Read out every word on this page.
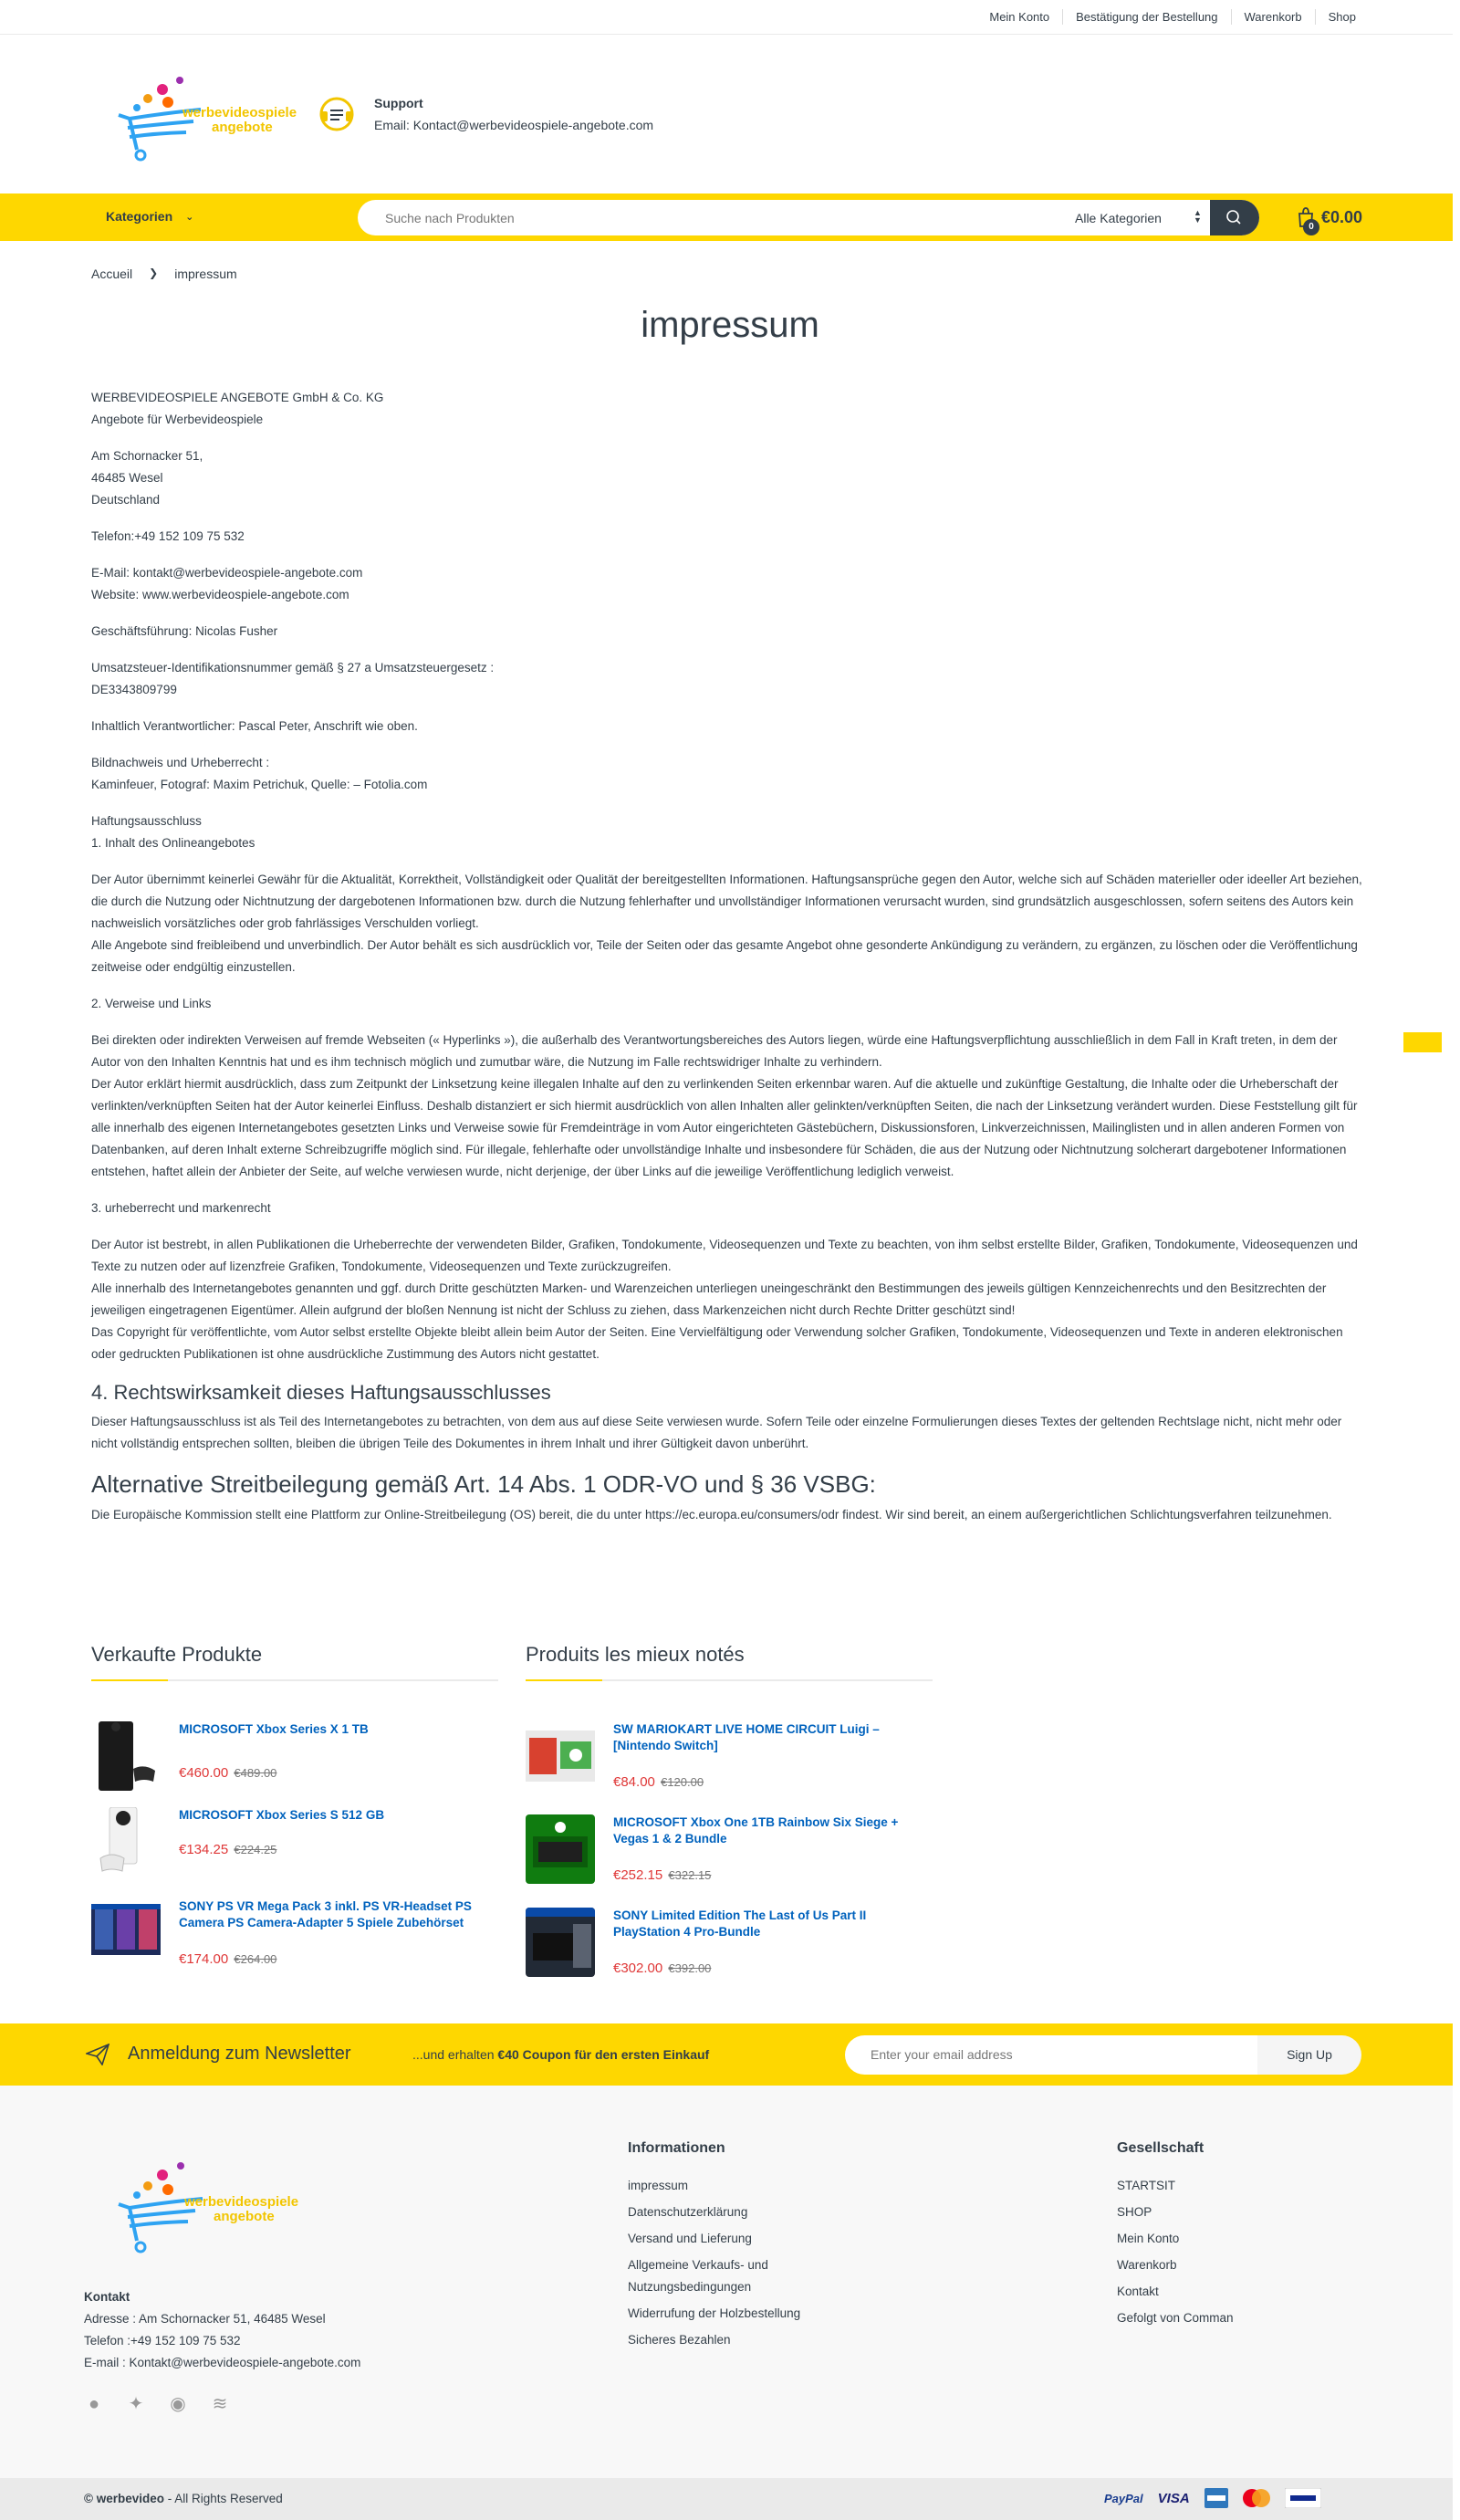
Mein Konto	Bestätigung der Bestellung	Warenkorb	Shop
werbevideospiele
angebote
Support
Email: Kontact@werbevideospiele-angebote.com
Kategorien ⌄	Suche nach Produkten	Alle Kategorien	▲
▼
0
€0.00
Accueil ❯ impressum
impressum

WERBEVIDEOSPIELE ANGEBOTE GmbH & Co. KG
Angebote für Werbevideospiele

Am Schornacker 51,
46485 Wesel
Deutschland

Telefon:+49 152 109 75 532

E-Mail: kontakt@werbevideospiele-angebote.com
Website: www.werbevideospiele-angebote.com

Geschäftsführung: Nicolas Fusher

Umsatzsteuer-Identifikationsnummer gemäß § 27 a Umsatzsteuergesetz :
DE3343809799

Inhaltlich Verantwortlicher: Pascal Peter, Anschrift wie oben.

Bildnachweis und Urheberrecht :
Kaminfeuer, Fotograf: Maxim Petrichuk, Quelle: – Fotolia.com

Haftungsausschluss
1. Inhalt des Onlineangebotes

Der Autor übernimmt keinerlei Gewähr für die Aktualität, Korrektheit, Vollständigkeit oder Qualität der bereitgestellten Informationen. Haftungsansprüche gegen den Autor, welche sich auf Schäden materieller oder ideeller Art beziehen, die durch die Nutzung oder Nichtnutzung der dargebotenen Informationen bzw. durch die Nutzung fehlerhafter und unvollständiger Informationen verursacht wurden, sind grundsätzlich ausgeschlossen, sofern seitens des Autors kein nachweislich vorsätzliches oder grob fahrlässiges Verschulden vorliegt.
Alle Angebote sind freibleibend und unverbindlich. Der Autor behält es sich ausdrücklich vor, Teile der Seiten oder das gesamte Angebot ohne gesonderte Ankündigung zu verändern, zu ergänzen, zu löschen oder die Veröffentlichung zeitweise oder endgültig einzustellen.

2. Verweise und Links

Bei direkten oder indirekten Verweisen auf fremde Webseiten (« Hyperlinks »), die außerhalb des Verantwortungsbereiches des Autors liegen, würde eine Haftungsverpflichtung ausschließlich in dem Fall in Kraft treten, in dem der Autor von den Inhalten Kenntnis hat und es ihm technisch möglich und zumutbar wäre, die Nutzung im Falle rechtswidriger Inhalte zu verhindern.
Der Autor erklärt hiermit ausdrücklich, dass zum Zeitpunkt der Linksetzung keine illegalen Inhalte auf den zu verlinkenden Seiten erkennbar waren. Auf die aktuelle und zukünftige Gestaltung, die Inhalte oder die Urheberschaft der verlinkten/verknüpften Seiten hat der Autor keinerlei Einfluss. Deshalb distanziert er sich hiermit ausdrücklich von allen Inhalten aller gelinkten/verknüpften Seiten, die nach der Linksetzung verändert wurden. Diese Feststellung gilt für alle innerhalb des eigenen Internetangebotes gesetzten Links und Verweise sowie für Fremdeinträge in vom Autor eingerichteten Gästebüchern, Diskussionsforen, Linkverzeichnissen, Mailinglisten und in allen anderen Formen von Datenbanken, auf deren Inhalt externe Schreibzugriffe möglich sind. Für illegale, fehlerhafte oder unvollständige Inhalte und insbesondere für Schäden, die aus der Nutzung oder Nichtnutzung solcherart dargebotener Informationen entstehen, haftet allein der Anbieter der Seite, auf welche verwiesen wurde, nicht derjenige, der über Links auf die jeweilige Veröffentlichung lediglich verweist.

3. urheberrecht und markenrecht

Der Autor ist bestrebt, in allen Publikationen die Urheberrechte der verwendeten Bilder, Grafiken, Tondokumente, Videosequenzen und Texte zu beachten, von ihm selbst erstellte Bilder, Grafiken, Tondokumente, Videosequenzen und Texte zu nutzen oder auf lizenzfreie Grafiken, Tondokumente, Videosequenzen und Texte zurückzugreifen.
Alle innerhalb des Internetangebotes genannten und ggf. durch Dritte geschützten Marken- und Warenzeichen unterliegen uneingeschränkt den Bestimmungen des jeweils gültigen Kennzeichenrechts und den Besitzrechten der jeweiligen eingetragenen Eigentümer. Allein aufgrund der bloßen Nennung ist nicht der Schluss zu ziehen, dass Markenzeichen nicht durch Rechte Dritter geschützt sind!
Das Copyright für veröffentlichte, vom Autor selbst erstellte Objekte bleibt allein beim Autor der Seiten. Eine Vervielfältigung oder Verwendung solcher Grafiken, Tondokumente, Videosequenzen und Texte in anderen elektronischen oder gedruckten Publikationen ist ohne ausdrückliche Zustimmung des Autors nicht gestattet.

4. Rechtswirksamkeit dieses Haftungsausschlusses

Dieser Haftungsausschluss ist als Teil des Internetangebotes zu betrachten, von dem aus auf diese Seite verwiesen wurde. Sofern Teile oder einzelne Formulierungen dieses Textes der geltenden Rechtslage nicht, nicht mehr oder nicht vollständig entsprechen sollten, bleiben die übrigen Teile des Dokumentes in ihrem Inhalt und ihrer Gültigkeit davon unberührt.

Alternative Streitbeilegung gemäß Art. 14 Abs. 1 ODR-VO und § 36 VSBG:

Die Europäische Kommission stellt eine Plattform zur Online-Streitbeilegung (OS) bereit, die du unter https://ec.europa.eu/consumers/odr findest. Wir sind bereit, an einem außergerichtlichen Schlichtungsverfahren teilzunehmen.

Verkaufte Produkte
MICROSOFT Xbox Series X 1 TB
€460.00 €489.00
MICROSOFT Xbox Series S 512 GB
€134.25 €224.25
SONY PS VR Mega Pack 3 inkl. PS VR-Headset PS Camera PS Camera-Adapter 5 Spiele Zubehörset
€174.00 €264.00
Produits les mieux notés
SW MARIOKART LIVE HOME CIRCUIT Luigi – [Nintendo Switch]
€84.00 €120.00
MICROSOFT Xbox One 1TB Rainbow Six Siege + Vegas 1 & 2 Bundle
€252.15 €322.15
SONY Limited Edition The Last of Us Part II PlayStation 4 Pro-Bundle
€302.00 €392.00
Anmeldung zum Newsletter	...und erhalten €40 Coupon für den ersten Einkauf	Enter your email address	Sign Up
werbevideospiele
angebote
Kontakt
Adresse : Am Schornacker 51, 46485 Wesel
Telefon :+49 152 109 75 532
E-mail : Kontakt@werbevideospiele-angebote.com
● ✦ ◉ ≋
Informationen
impressum
Datenschutzerklärung
Versand und Lieferung
Allgemeine Verkaufs- und Nutzungsbedingungen
Widerrufung der Holzbestellung
Sicheres Bezahlen
Gesellschaft
STARTSIT
SHOP
Mein Konto
Warenkorb
Kontakt
Gefolgt von Comman
© werbevideo - All Rights Reserved	PayPal VISA
